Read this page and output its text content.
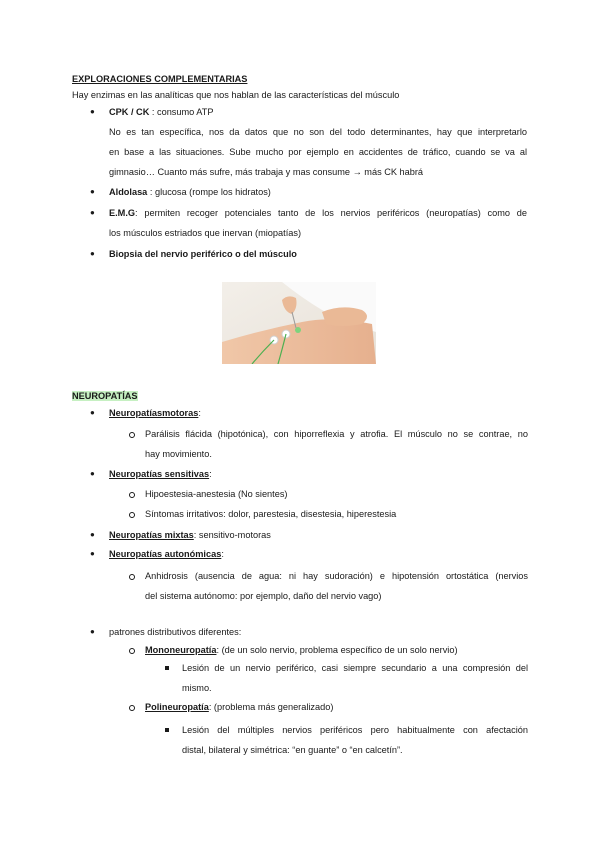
EXPLORACIONES COMPLEMENTARIAS
Hay enzimas en las analíticas que nos hablan de las características del músculo
● CPK / CK : consumo ATP
No es tan específica, nos da datos que no son del todo determinantes, hay que interpretarlo
en base a las situaciones. Sube mucho por ejemplo en accidentes de tráfico, cuando se va al
gimnasio… Cuanto más sufre, más trabaja y mas consume → más CK habrá
● Aldolasa : glucosa (rompe los hidratos)
● E.M.G: permiten recoger potenciales tanto de los nervios periféricos (neuropatías) como de
los músculos estriados que inervan (miopatías)
● Biopsia del nervio periférico o del músculo
NEUROPATÍAS
● Neuropatíasmotoras:
Parálisis flácida (hipotónica), con hiporreflexia y atrofia. El músculo no se contrae, no
hay movimiento.
● Neuropatías sensitivas:
Hipoestesia-anestesia (No sientes)
Síntomas irritativos: dolor, parestesia, disestesia, hiperestesia
● Neuropatías mixtas: sensitivo-motoras
● Neuropatías autonómicas:
Anhidrosis (ausencia de agua: ni hay sudoración) e hipotensión ortostática (nervios
del sistema autónomo: por ejemplo, daño del nervio vago)
● patrones distributivos diferentes:
Mononeuropatía: (de un solo nervio, problema específico de un solo nervio)
Lesión de un nervio periférico, casi siempre secundario a una compresión del
mismo.
Polineuropatía: (problema más generalizado)
Lesión del múltiples nervios periféricos pero habitualmente con afectación
distal, bilateral y simétrica: “en guante” o “en calcetín”.
